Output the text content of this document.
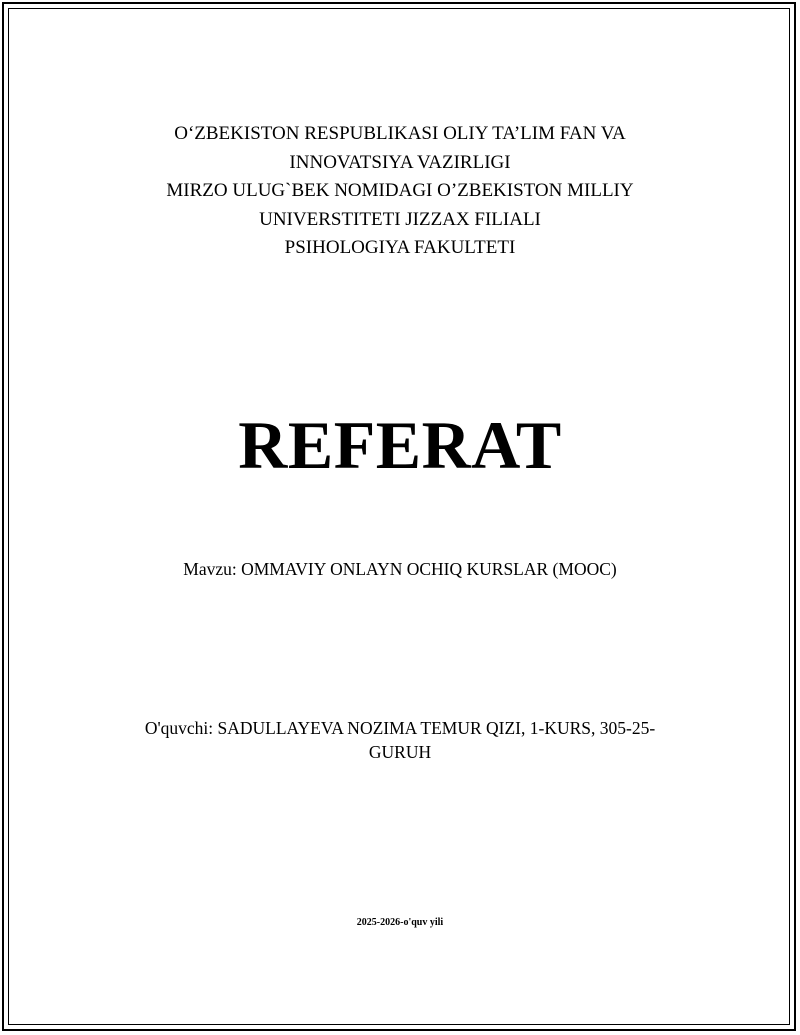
O‘ZBEKISTON RESPUBLIKASI OLIY TA’LIM FAN VA

INNOVATSIYA VAZIRLIGI

MIRZO ULUG`BEK NOMIDAGI O’ZBEKISTON MILLIY

UNIVERSTITETI JIZZAX FILIALI

PSIHOLOGIYA FAKULTETI

REFERAT

Mavzu: OMMAVIY ONLAYN OCHIQ KURSLAR (MOOC)

O'quvchi: SADULLAYEVA NOZIMA TEMUR QIZI, 1-KURS, 305-25-
GURUH

2025-2026-o'quv yili
